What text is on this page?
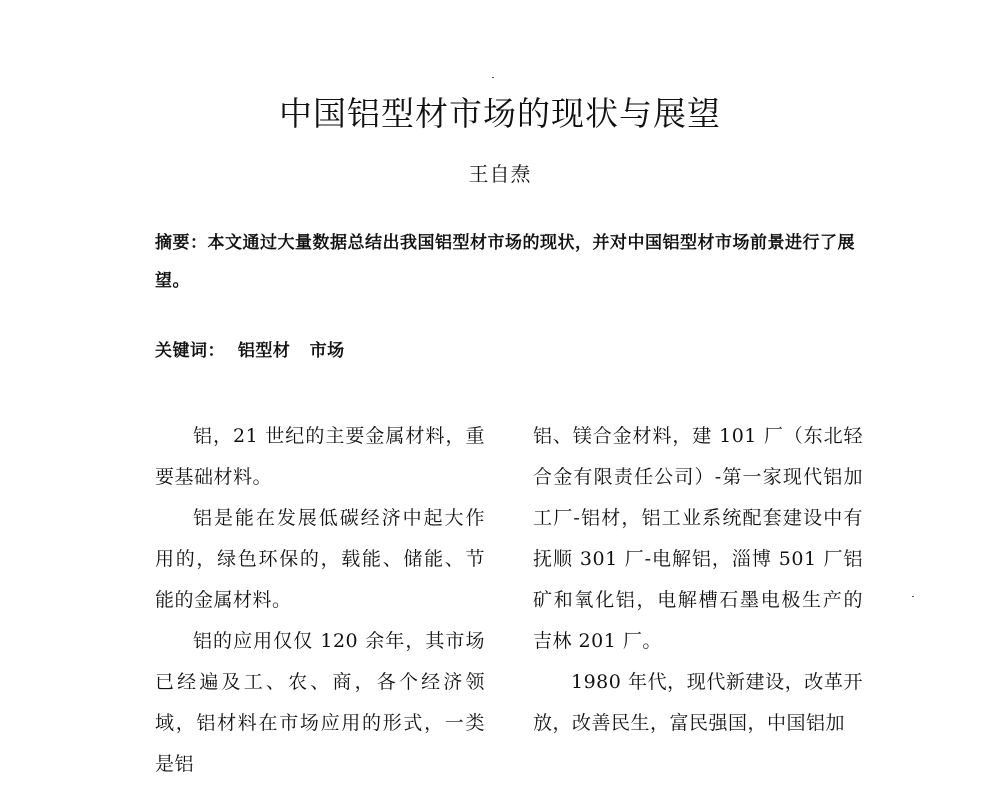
中国铝型材市场的现状与展望
王自焘
摘要：本文通过大量数据总结出我国铝型材市场的现状，并对中国铝型材市场前景进行了展望。
关键词： 铝型材 市场

铝，21 世纪的主要金属材料，重要基础材料。

铝是能在发展低碳经济中起大作用的，绿色环保的，载能、储能、节能的金属材料。

铝的应用仅仅 120 余年，其市场已经遍及工、农、商，各个经济领域，铝材料在市场应用的形式，一类是铝

铝、镁合金材料，建 101 厂（东北轻合金有限责任公司）-第一家现代铝加工厂-铝材，铝工业系统配套建设中有抚顺 301 厂-电解铝，淄博 501 厂铝矿和氧化铝，电解槽石墨电极生产的吉林 201 厂。

1980 年代，现代新建设，改革开放，改善民生，富民强国，中国铝加
